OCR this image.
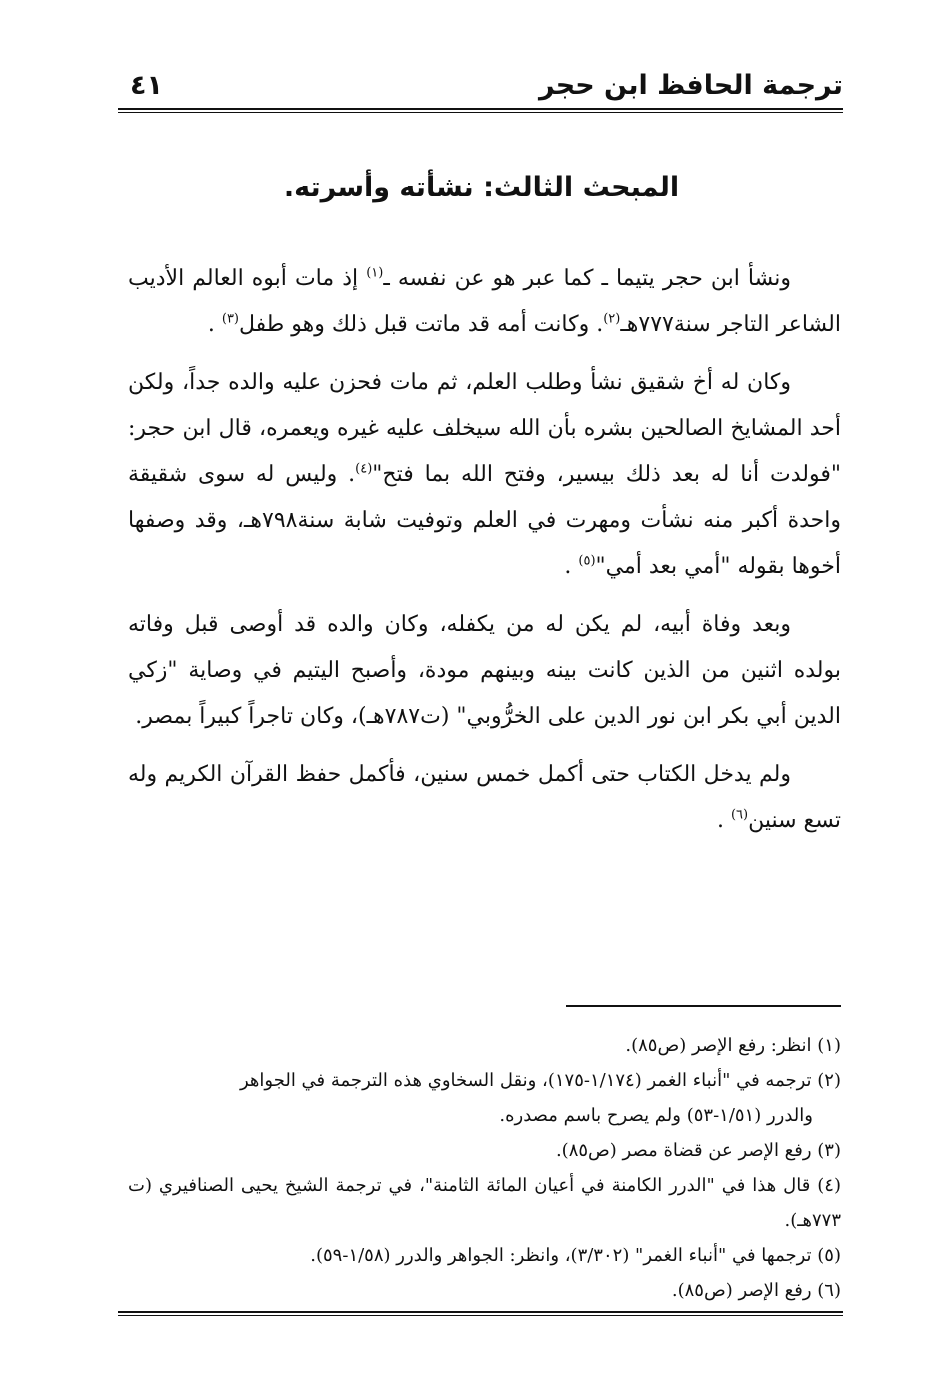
ترجمة الحافظ ابن حجر
٤١
المبحث الثالث: نشأته وأسرته.

ونشأ ابن حجر يتيما ـ كما عبر هو عن نفسه ـ$^{(١)}$ إذ مات أبوه العالم الأديب الشاعر التاجر سنة٧٧٧هـ$^{(٢)}$. وكانت أمه قد ماتت قبل ذلك وهو طفل$^{(٣)}$ .

وكان له أخ شقيق نشأ وطلب العلم، ثم مات فحزن عليه والده جداً، ولكن أحد المشايخ الصالحين بشره بأن الله سيخلف عليه غيره ويعمره، قال ابن حجر: "فولدت أنا له بعد ذلك بيسير، وفتح الله بما فتح"$^{(٤)}$. وليس له سوى شقيقة واحدة أكبر منه نشأت ومهرت في العلم وتوفيت شابة سنة٧٩٨هـ، وقد وصفها أخوها بقوله "أمي بعد أمي"$^{(٥)}$ .

وبعد وفاة أبيه، لم يكن له من يكفله، وكان والده قد أوصى قبل وفاته بولده اثنين من الذين كانت بينه وبينهم مودة، وأصبح اليتيم في وصاية "زكي الدين أبي بكر ابن نور الدين على الخرُّوبي" (ت٧٨٧هـ)، وكان تاجراً كبيراً بمصر.

ولم يدخل الكتاب حتى أكمل خمس سنين، فأكمل حفظ القرآن الكريم وله تسع سنين$^{(٦)}$ .

(١) انظر: رفع الإصر (ص٨٥).
(٢) ترجمه في "أنباء الغمر (١/١٧٤-١٧٥)، ونقل السخاوي هذه الترجمة في الجواهر
والدرر (١/٥١-٥٣) ولم يصرح باسم مصدره.
(٣) رفع الإصر عن قضاة مصر (ص٨٥).
(٤) قال هذا في "الدرر الكامنة في أعيان المائة الثامنة"، في ترجمة الشيخ يحيى الصنافيري (ت ٧٧٣هـ).
(٥) ترجمها في "أنباء الغمر" (٣/٣٠٢)، وانظر: الجواهر والدرر (١/٥٨-٥٩).
(٦) رفع الإصر (ص٨٥).
